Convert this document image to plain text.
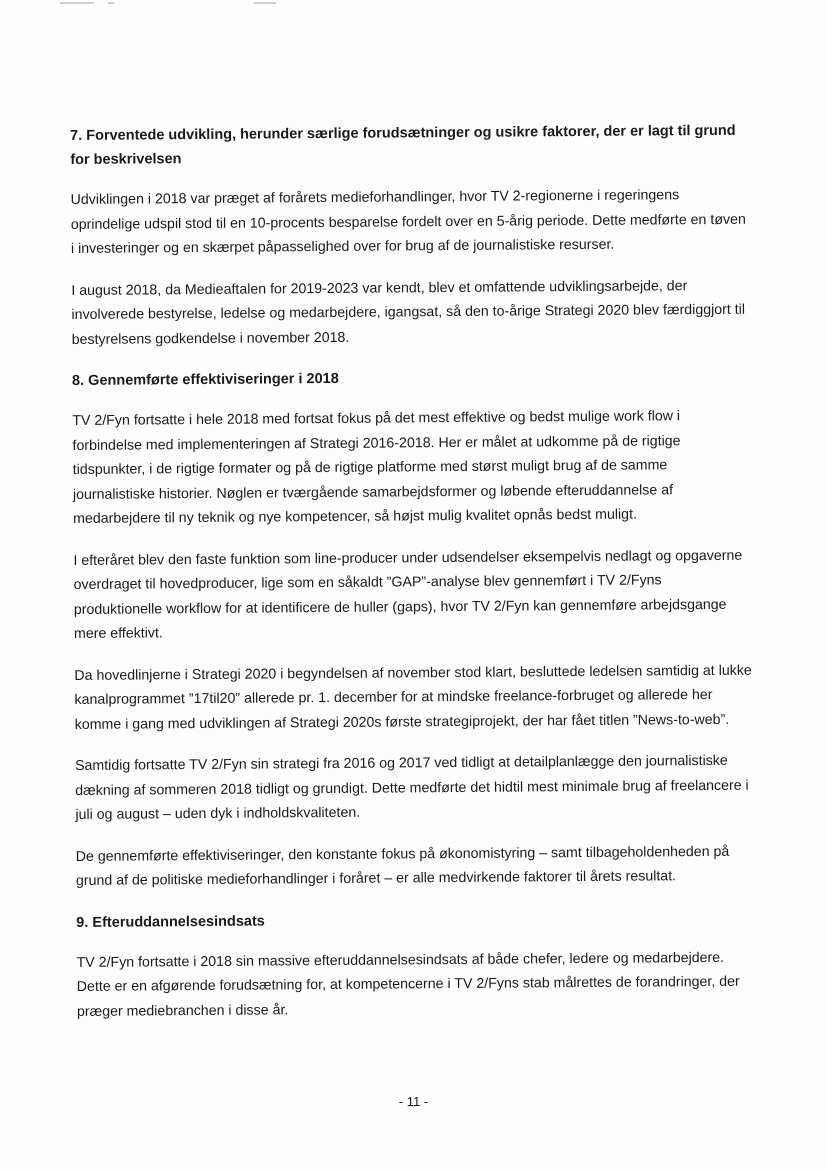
7. Forventede udvikling, herunder særlige forudsætninger og usikre faktorer, der er lagt til grund for beskrivelsen

Udviklingen i 2018 var præget af forårets medieforhandlinger, hvor TV 2-regionerne i regeringens oprindelige udspil stod til en 10-procents besparelse fordelt over en 5-årig periode. Dette medførte en tøven i investeringer og en skærpet påpasselighed over for brug af de journalistiske resurser.

I august 2018, da Medieaftalen for 2019-2023 var kendt, blev et omfattende udviklingsarbejde, der involverede bestyrelse, ledelse og medarbejdere, igangsat, så den to-årige Strategi 2020 blev færdiggjort til bestyrelsens godkendelse i november 2018.

8. Gennemførte effektiviseringer i 2018

TV 2/Fyn fortsatte i hele 2018 med fortsat fokus på det mest effektive og bedst mulige work flow i forbindelse med implementeringen af Strategi 2016-2018. Her er målet at udkomme på de rigtige tidspunkter, i de rigtige formater og på de rigtige platforme med størst muligt brug af de samme journalistiske historier. Nøglen er tværgående samarbejdsformer og løbende efteruddannelse af medarbejdere til ny teknik og nye kompetencer, så højst mulig kvalitet opnås bedst muligt.

I efteråret blev den faste funktion som line-producer under udsendelser eksempelvis nedlagt og opgaverne overdraget til hovedproducer, lige som en såkaldt ”GAP”-analyse blev gennemført i TV 2/Fyns produktionelle workflow for at identificere de huller (gaps), hvor TV 2/Fyn kan gennemføre arbejdsgange mere effektivt.

Da hovedlinjerne i Strategi 2020 i begyndelsen af november stod klart, besluttede ledelsen samtidig at lukke kanalprogrammet ”17til20” allerede pr. 1. december for at mindske freelance-forbruget og allerede her komme i gang med udviklingen af Strategi 2020s første strategiprojekt, der har fået titlen ”News-to-web”.

Samtidig fortsatte TV 2/Fyn sin strategi fra 2016 og 2017 ved tidligt at detailplanlægge den journalistiske dækning af sommeren 2018 tidligt og grundigt. Dette medførte det hidtil mest minimale brug af freelancere i juli og august – uden dyk i indholdskvaliteten.

De gennemførte effektiviseringer, den konstante fokus på økonomistyring – samt tilbageholdenheden på grund af de politiske medieforhandlinger i foråret – er alle medvirkende faktorer til årets resultat.

9. Efteruddannelsesindsats

TV 2/Fyn fortsatte i 2018 sin massive efteruddannelsesindsats af både chefer, ledere og medarbejdere. Dette er en afgørende forudsætning for, at kompetencerne i TV 2/Fyns stab målrettes de forandringer, der præger mediebranchen i disse år.

- 11 -
